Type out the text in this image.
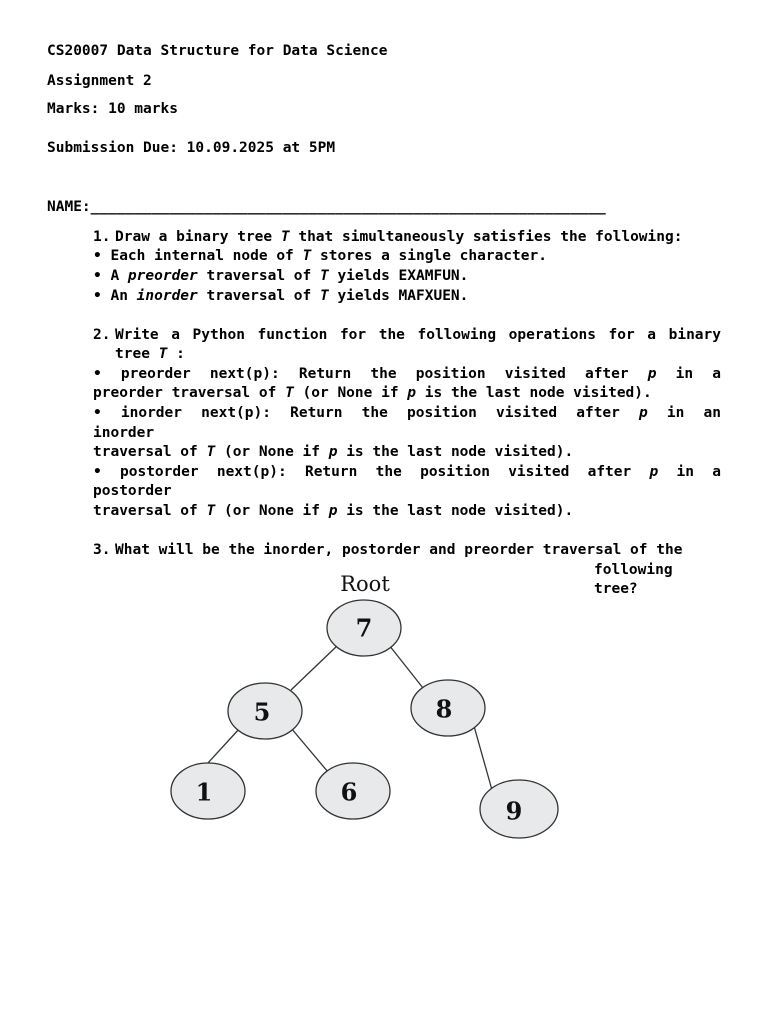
CS20007 Data Structure for Data Science
Assignment 2
Marks: 10 marks
Submission Due: 10.09.2025 at 5PM
NAME:___________________________________________________________
1. Draw a binary tree T that simultaneously satisfies the following:
• Each internal node of T stores a single character.
• A preorder traversal of T yields EXAMFUN.
• An inorder traversal of T yields MAFXUEN.
2. Write a Python function for the following operations for a binary
tree T :
• preorder next(p): Return the position visited after p in a
preorder traversal of T (or None if p is the last node visited).
• inorder next(p): Return the position visited after p in an
inorder
traversal of T (or None if p is the last node visited).
• postorder next(p): Return the position visited after p in a
postorder
traversal of T (or None if p is the last node visited).
3. What will be the inorder, postorder and preorder traversal of the
following
tree?
Root
7
5	8
1	6
9
